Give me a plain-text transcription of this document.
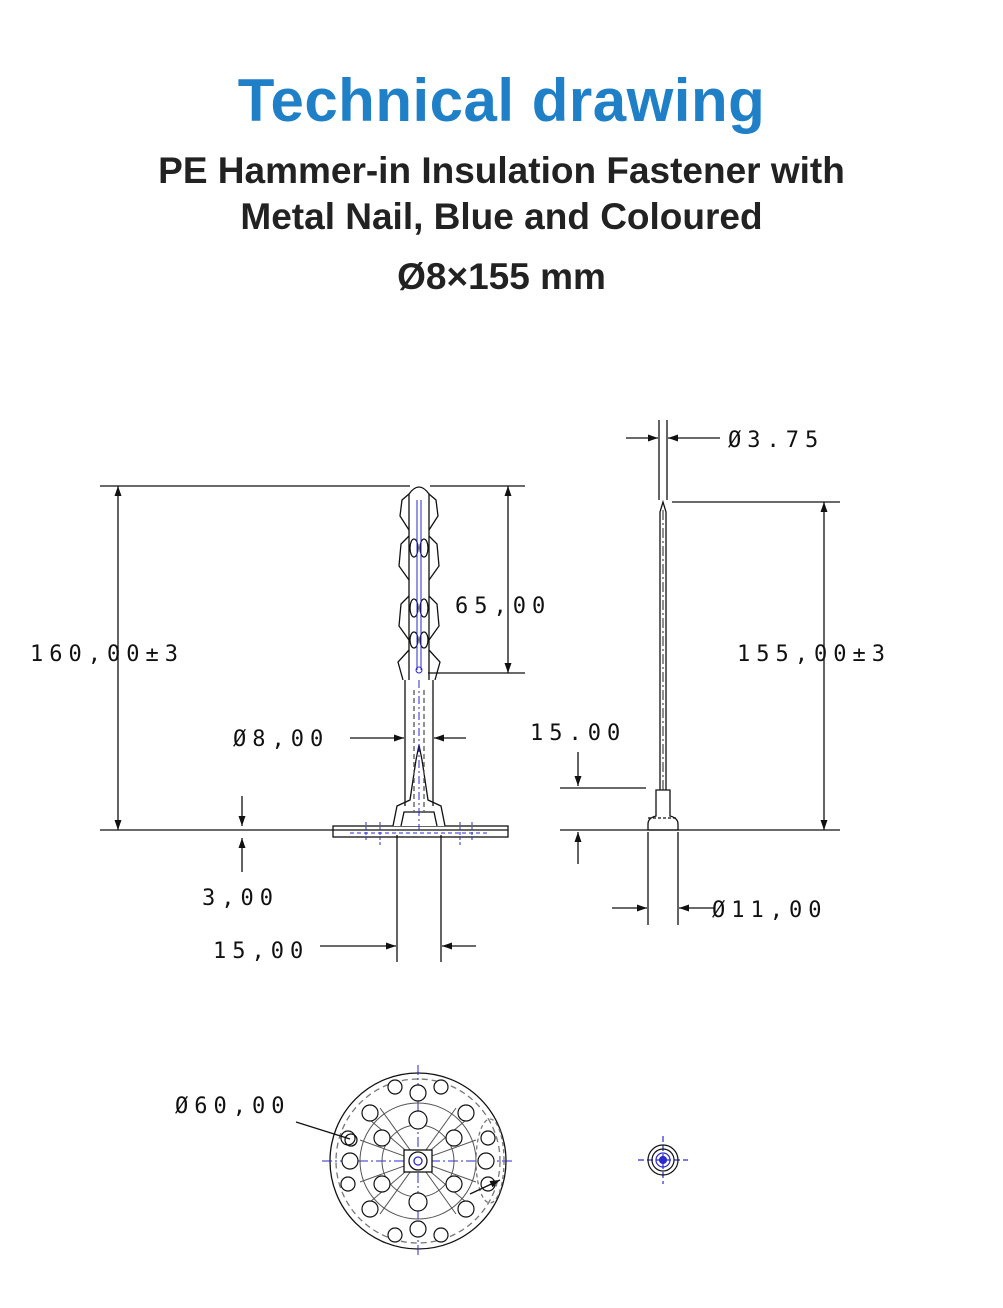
Technical drawing
PE Hammer-in Insulation Fastener with
Metal Nail, Blue and Coloured
Ø8×155 mm
160,00±3
65,00
Ø8,00
3,00
15,00
Ø3.75
155,00±3
15.00
Ø11,00
Ø60,00
